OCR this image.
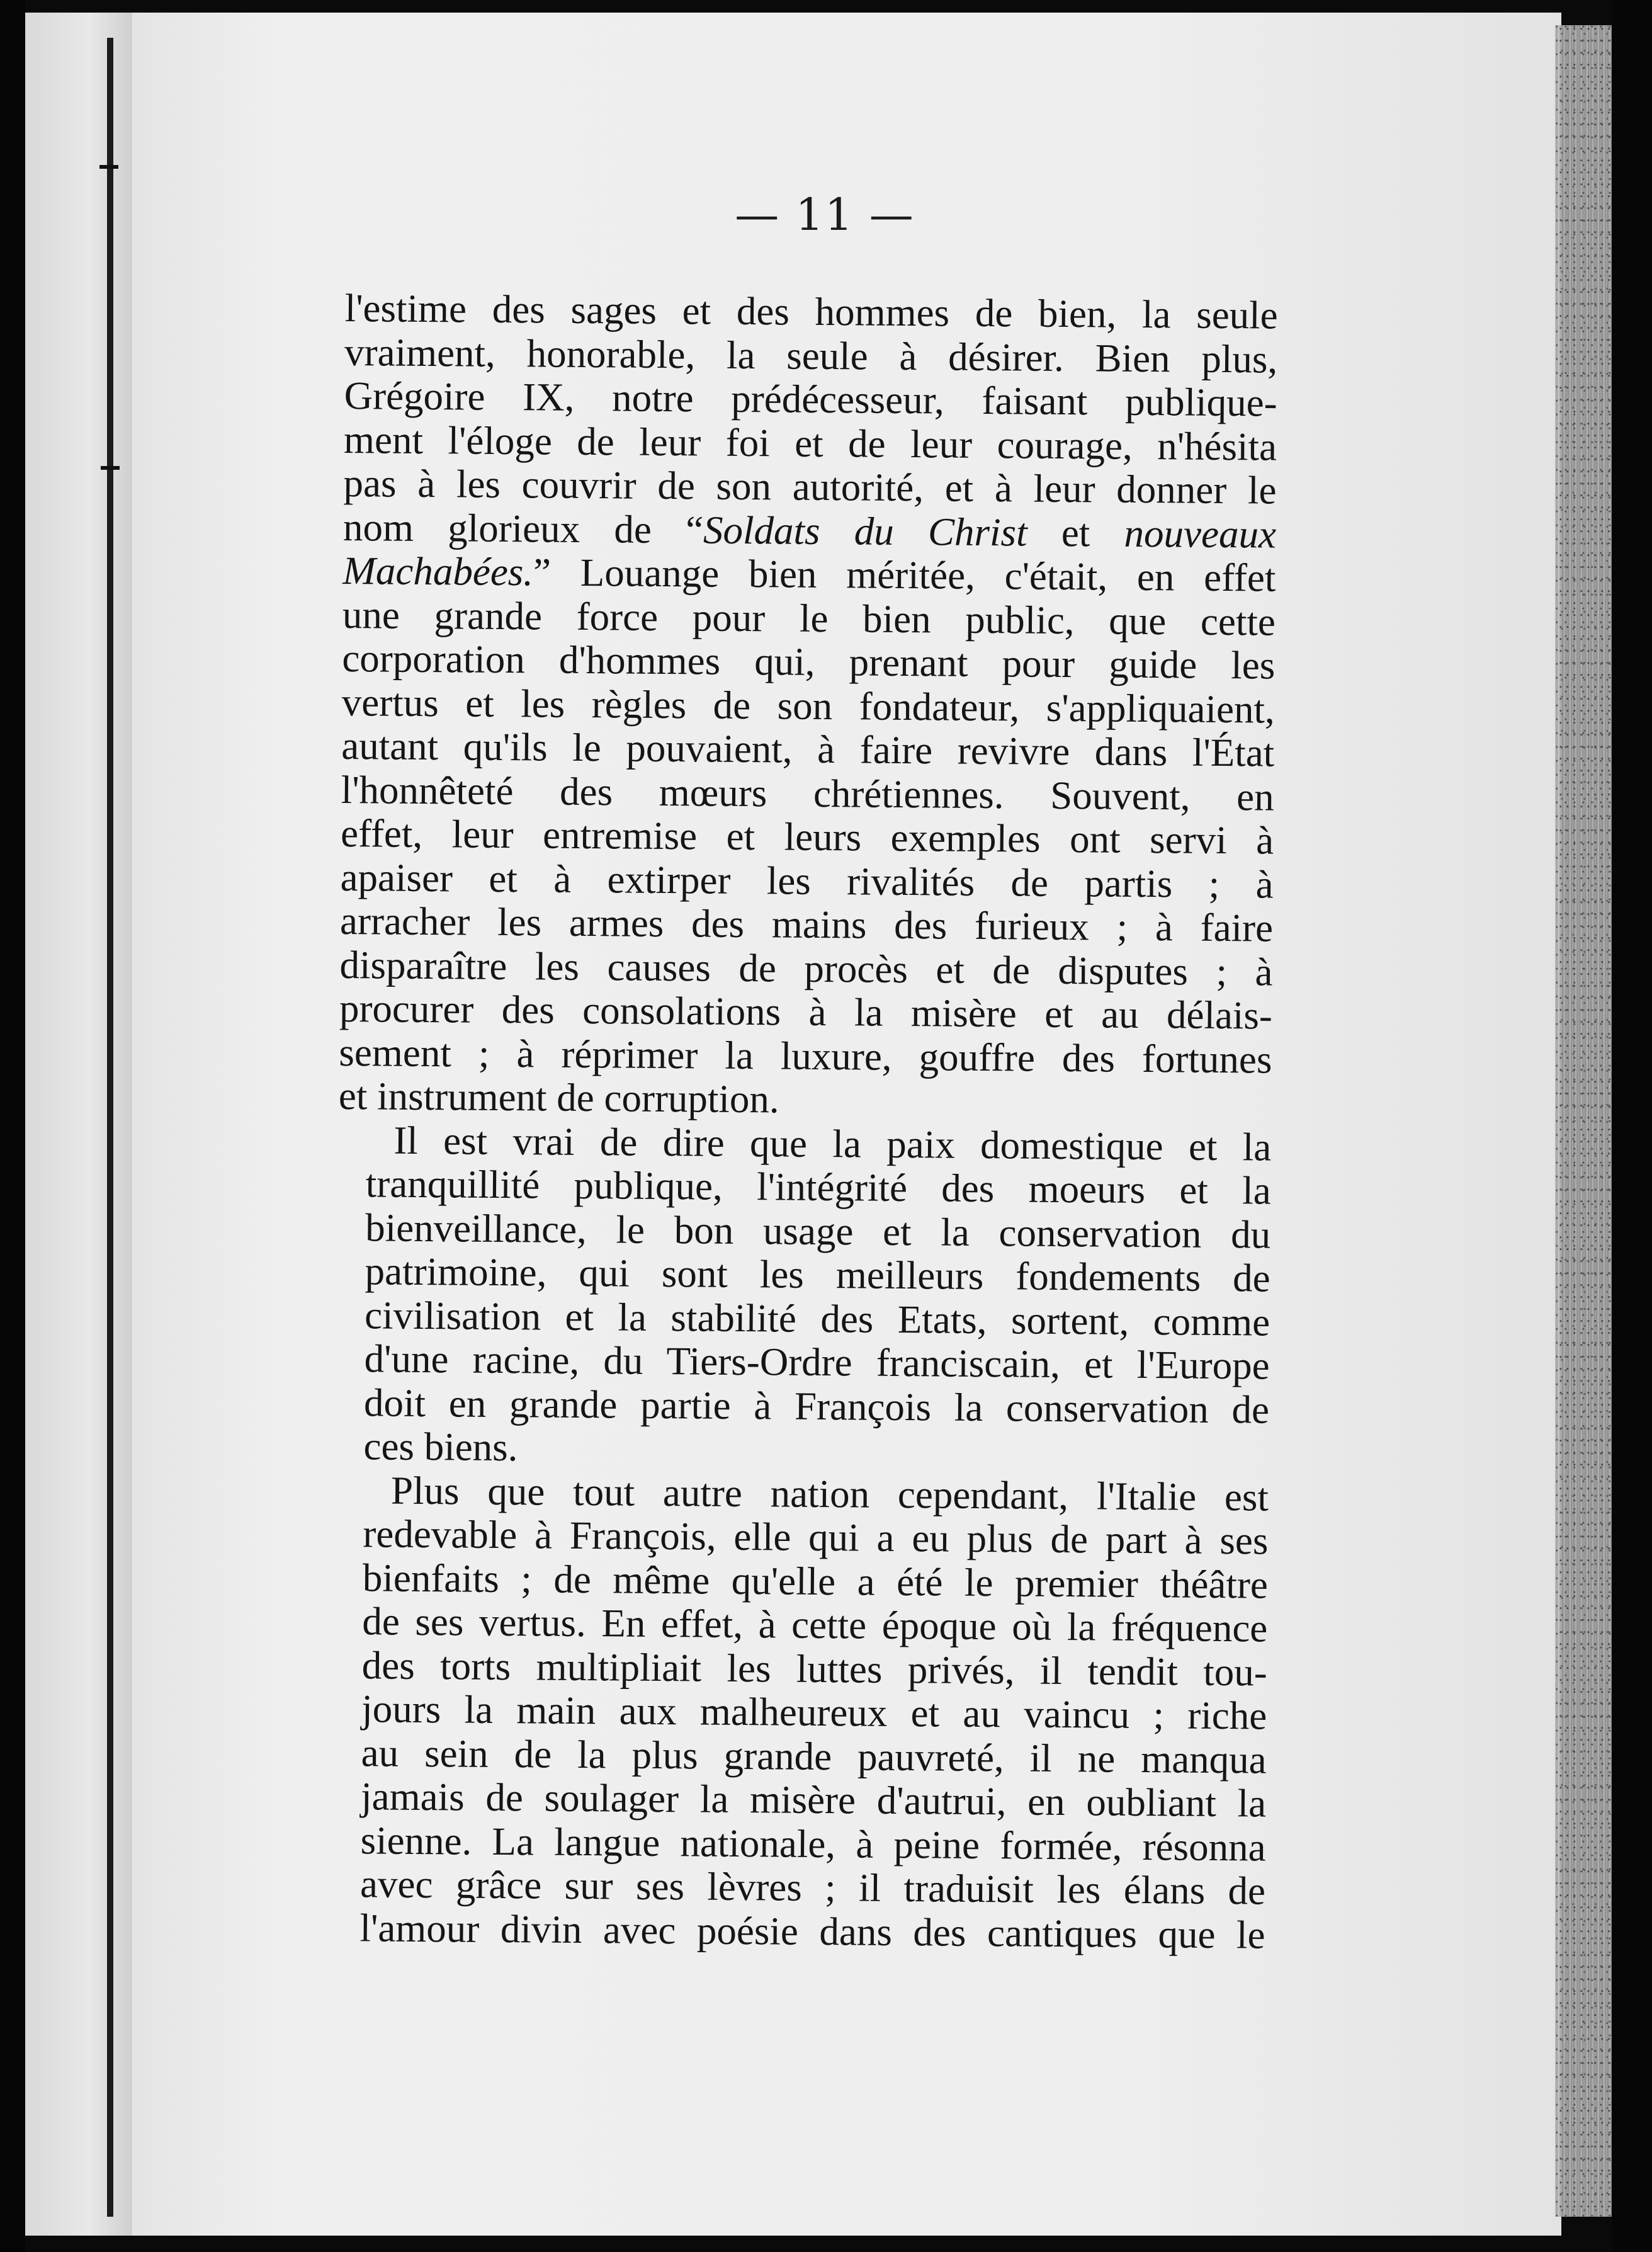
— 11 —
l'estime des sages et des hommes de bien, la seule
vraiment, honorable, la seule à désirer. Bien plus,
Grégoire IX, notre prédécesseur, faisant publique-
ment l'éloge de leur foi et de leur courage, n'hésita
pas à les couvrir de son autorité, et à leur donner le
nom glorieux de “Soldats du Christ et nouveaux
Machabées.” Louange bien méritée, c'était, en effet
une grande force pour le bien public, que cette
corporation d'hommes qui, prenant pour guide les
vertus et les règles de son fondateur, s'appliquaient,
autant qu'ils le pouvaient, à faire revivre dans l'État
l'honnêteté des mœurs chrétiennes. Souvent, en
effet, leur entremise et leurs exemples ont servi à
apaiser et à extirper les rivalités de partis ; à
arracher les armes des mains des furieux ; à faire
disparaître les causes de procès et de disputes ; à
procurer des consolations à la misère et au délais-
sement ; à réprimer la luxure, gouffre des fortunes
et instrument de corruption.
Il est vrai de dire que la paix domestique et la
tranquillité publique, l'intégrité des moeurs et la
bienveillance, le bon usage et la conservation du
patrimoine, qui sont les meilleurs fondements de
civilisation et la stabilité des Etats, sortent, comme
d'une racine, du Tiers-Ordre franciscain, et l'Europe
doit en grande partie à François la conservation de
ces biens.
Plus que tout autre nation cependant, l'Italie est
redevable à François, elle qui a eu plus de part à ses
bienfaits ; de même qu'elle a été le premier théâtre
de ses vertus. En effet, à cette époque où la fréquence
des torts multipliait les luttes privés, il tendit tou-
jours la main aux malheureux et au vaincu ; riche
au sein de la plus grande pauvreté, il ne manqua
jamais de soulager la misère d'autrui, en oubliant la
sienne. La langue nationale, à peine formée, résonna
avec grâce sur ses lèvres ; il traduisit les élans de
l'amour divin avec poésie dans des cantiques que le
